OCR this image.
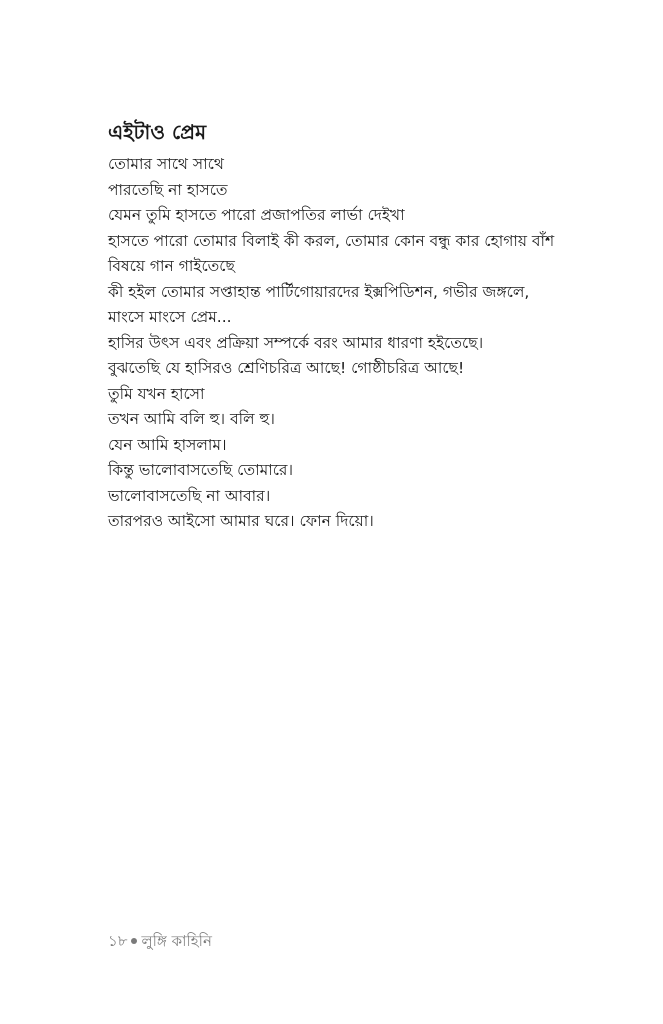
এইটাও প্রেম
তোমার সাথে সাথে
পারতেছি না হাসতে
যেমন তুমি হাসতে পারো প্রজাপতির লার্ভা দেইখা
হাসতে পারো তোমার বিলাই কী করল, তোমার কোন বন্ধু কার হোগায় বাঁশ
বিষয়ে গান গাইতেছে
কী হইল তোমার সপ্তাহান্ত পার্টিগোয়ারদের ইক্সপিডিশন, গভীর জঙ্গলে,
মাংসে মাংসে প্রেম...
হাসির উৎস এবং প্রক্রিয়া সম্পর্কে বরং আমার ধারণা হইতেছে।
বুঝতেছি যে হাসিরও শ্রেণিচরিত্র আছে! গোষ্ঠীচরিত্র আছে!
তুমি যখন হাসো
তখন আমি বলি হু। বলি হু।
যেন আমি হাসলাম।
কিন্তু ভালোবাসতেছি তোমারে।
ভালোবাসতেছি না আবার।
তারপরও আইসো আমার ঘরে। ফোন দিয়ো।
১৮ লুঙ্গি কাহিনি
